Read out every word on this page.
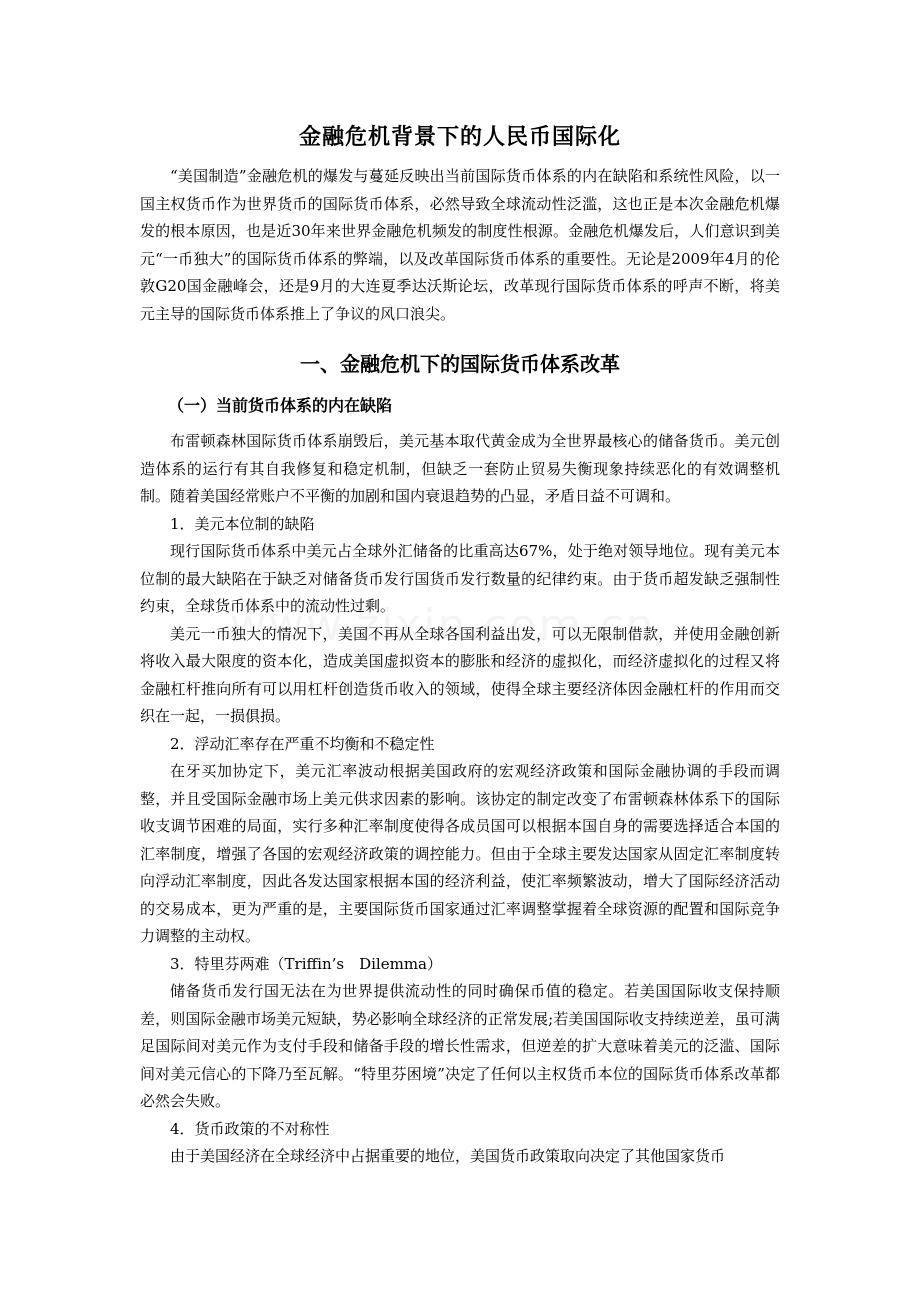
金融危机背景下的人民币国际化

“美国制造”金融危机的爆发与蔓延反映出当前国际货币体系的内在缺陷和系统性风险，以一国主权货币作为世界货币的国际货币体系，必然导致全球流动性泛滥，这也正是本次金融危机爆发的根本原因，也是近30年来世界金融危机频发的制度性根源。金融危机爆发后，人们意识到美元“一币独大”的国际货币体系的弊端，以及改革国际货币体系的重要性。无论是2009年4月的伦敦G20国金融峰会，还是9月的大连夏季达沃斯论坛，改革现行国际货币体系的呼声不断，将美元主导的国际货币体系推上了争议的风口浪尖。

一、金融危机下的国际货币体系改革
（一）当前货币体系的内在缺陷

布雷顿森林国际货币体系崩毁后，美元基本取代黄金成为全世界最核心的储备货币。美元创造体系的运行有其自我修复和稳定机制，但缺乏一套防止贸易失衡现象持续恶化的有效调整机制。随着美国经常账户不平衡的加剧和国内衰退趋势的凸显，矛盾日益不可调和。

1．美元本位制的缺陷

现行国际货币体系中美元占全球外汇储备的比重高达67%，处于绝对领导地位。现有美元本位制的最大缺陷在于缺乏对储备货币发行国货币发行数量的纪律约束。由于货币超发缺乏强制性约束，全球货币体系中的流动性过剩。

美元一币独大的情况下，美国不再从全球各国利益出发，可以无限制借款，并使用金融创新将收入最大限度的资本化，造成美国虚拟资本的膨胀和经济的虚拟化，而经济虚拟化的过程又将金融杠杆推向所有可以用杠杆创造货币收入的领域，使得全球主要经济体因金融杠杆的作用而交织在一起，一损俱损。

2．浮动汇率存在严重不均衡和不稳定性

在牙买加协定下，美元汇率波动根据美国政府的宏观经济政策和国际金融协调的手段而调整，并且受国际金融市场上美元供求因素的影响。该协定的制定改变了布雷顿森林体系下的国际收支调节困难的局面，实行多种汇率制度使得各成员国可以根据本国自身的需要选择适合本国的汇率制度，增强了各国的宏观经济政策的调控能力。但由于全球主要发达国家从固定汇率制度转向浮动汇率制度，因此各发达国家根据本国的经济利益，使汇率频繁波动，增大了国际经济活动的交易成本，更为严重的是，主要国际货币国家通过汇率调整掌握着全球资源的配置和国际竞争力调整的主动权。

3．特里芬两难（Triffin’s　Dilemma）

储备货币发行国无法在为世界提供流动性的同时确保币值的稳定。若美国国际收支保持顺差，则国际金融市场美元短缺，势必影响全球经济的正常发展;若美国国际收支持续逆差，虽可满足国际间对美元作为支付手段和储备手段的增长性需求，但逆差的扩大意味着美元的泛滥、国际间对美元信心的下降乃至瓦解。“特里芬困境”决定了任何以主权货币本位的国际货币体系改革都必然会失败。

4．货币政策的不对称性

由于美国经济在全球经济中占据重要的地位，美国货币政策取向决定了其他国家货币
